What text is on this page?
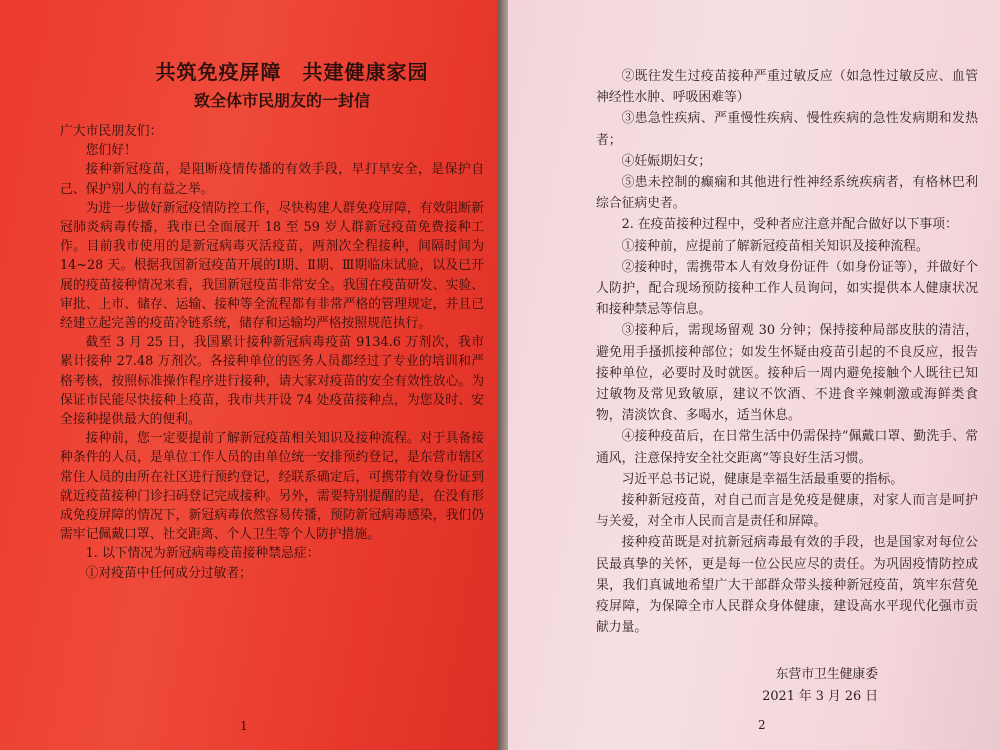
共筑免疫屏障　共建健康家园
致全体市民朋友的一封信

广大市民朋友们：

您们好！

接种新冠疫苗，是阻断疫情传播的有效手段，早打早安全，是保护自己、保护别人的有益之举。

为进一步做好新冠疫情防控工作，尽快构建人群免疫屏障，有效阻断新冠肺炎病毒传播，我市已全面展开 18 至 59 岁人群新冠疫苗免费接种工作。目前我市使用的是新冠病毒灭活疫苗，两剂次全程接种，间隔时间为 14~28 天。根据我国新冠疫苗开展的Ⅰ期、Ⅱ期、Ⅲ期临床试验，以及已开展的疫苗接种情况来看，我国新冠疫苗非常安全。我国在疫苗研发、实验、审批、上市、储存、运输、接种等全流程都有非常严格的管理规定，并且已经建立起完善的疫苗冷链系统，储存和运输均严格按照规范执行。

截至 3 月 25 日，我国累计接种新冠病毒疫苗 9134.6 万剂次，我市累计接种 27.48 万剂次。各接种单位的医务人员都经过了专业的培训和严格考核，按照标准操作程序进行接种，请大家对疫苗的安全有效性放心。为保证市民能尽快接种上疫苗，我市共开设 74 处疫苗接种点，为您及时、安全接种提供最大的便利。

接种前，您一定要提前了解新冠疫苗相关知识及接种流程。对于具备接种条件的人员，是单位工作人员的由单位统一安排预约登记，是东营市辖区常住人员的由所在社区进行预约登记，经联系确定后，可携带有效身份证到就近疫苗接种门诊扫码登记完成接种。另外，需要特别提醒的是，在没有形成免疫屏障的情况下，新冠病毒依然容易传播，预防新冠病毒感染，我们仍需牢记佩戴口罩、社交距离、个人卫生等个人防护措施。

1. 以下情况为新冠病毒疫苗接种禁忌症：

①对疫苗中任何成分过敏者；

1

②既往发生过疫苗接种严重过敏反应（如急性过敏反应、血管神经性水肿、呼吸困难等）

③患急性疾病、严重慢性疾病、慢性疾病的急性发病期和发热者；

④妊娠期妇女；

⑤患未控制的癫痫和其他进行性神经系统疾病者，有格林巴利综合征病史者。

2. 在疫苗接种过程中，受种者应注意并配合做好以下事项：

①接种前，应提前了解新冠疫苗相关知识及接种流程。

②接种时，需携带本人有效身份证件（如身份证等），并做好个人防护，配合现场预防接种工作人员询问，如实提供本人健康状况和接种禁忌等信息。

③接种后，需现场留观 30 分钟；保持接种局部皮肤的清洁，避免用手搔抓接种部位；如发生怀疑由疫苗引起的不良反应，报告接种单位，必要时及时就医。接种后一周内避免接触个人既往已知过敏物及常见致敏原，建议不饮酒、不进食辛辣刺激或海鲜类食物，清淡饮食、多喝水，适当休息。

④接种疫苗后，在日常生活中仍需保持“佩戴口罩、勤洗手、常通风，注意保持安全社交距离”等良好生活习惯。

习近平总书记说，健康是幸福生活最重要的指标。

接种新冠疫苗，对自己而言是免疫是健康，对家人而言是呵护与关爱，对全市人民而言是责任和屏障。

接种疫苗既是对抗新冠病毒最有效的手段，也是国家对每位公民最真挚的关怀，更是每一位公民应尽的责任。为巩固疫情防控成果，我们真诚地希望广大干部群众带头接种新冠疫苗，筑牢东营免疫屏障，为保障全市人民群众身体健康，建设高水平现代化强市贡献力量。

东营市卫生健康委
2021 年 3 月 26 日
2
